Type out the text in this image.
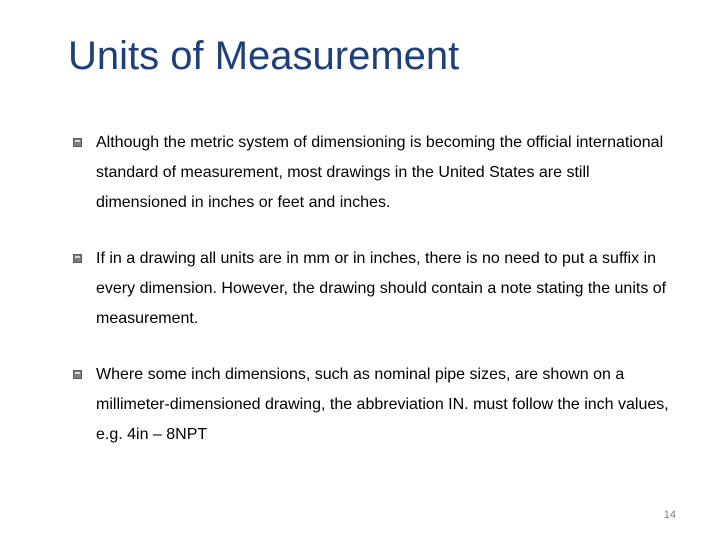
Units of Measurement
Although the metric system of dimensioning is becoming the official international standard of measurement, most drawings in the United States are still dimensioned in inches or feet and inches.
If in a drawing all units are in mm or in inches, there is no need to put a suffix in every dimension. However, the drawing should contain a note stating the units of measurement.
Where some inch dimensions, such as nominal pipe sizes, are shown on a millimeter-dimensioned drawing, the abbreviation IN. must follow the inch values, e.g. 4in – 8NPT
14
